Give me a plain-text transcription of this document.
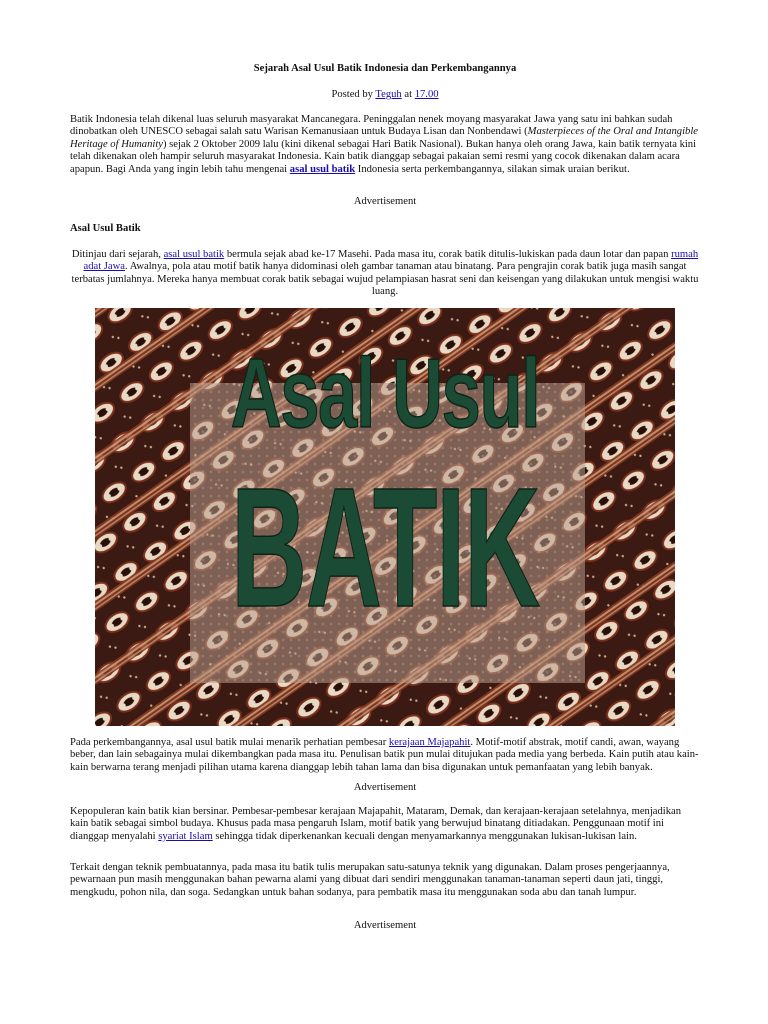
Sejarah Asal Usul Batik Indonesia dan Perkembangannya
Posted by Teguh at 17.00
Batik Indonesia telah dikenal luas seluruh masyarakat Mancanegara. Peninggalan nenek moyang masyarakat Jawa yang satu ini bahkan sudah dinobatkan oleh UNESCO sebagai salah satu Warisan Kemanusiaan untuk Budaya Lisan dan Nonbendawi (Masterpieces of the Oral and Intangible Heritage of Humanity) sejak 2 Oktober 2009 lalu (kini dikenal sebagai Hari Batik Nasional). Bukan hanya oleh orang Jawa, kain batik ternyata kini telah dikenakan oleh hampir seluruh masyarakat Indonesia. Kain batik dianggap sebagai pakaian semi resmi yang cocok dikenakan dalam acara apapun. Bagi Anda yang ingin lebih tahu mengenai asal usul batik Indonesia serta perkembangannya, silakan simak uraian berikut.
Advertisement
Asal Usul Batik
Ditinjau dari sejarah, asal usul batik bermula sejak abad ke-17 Masehi. Pada masa itu, corak batik ditulis-lukiskan pada daun lotar dan papan rumah adat Jawa. Awalnya, pola atau motif batik hanya didominasi oleh gambar tanaman atau binatang. Para pengrajin corak batik juga masih sangat terbatas jumlahnya. Mereka hanya membuat corak batik sebagai wujud pelampiasan hasrat seni dan keisengan yang dilakukan untuk mengisi waktu luang.
Asal Usul
BATIK
Pada perkembangannya, asal usul batik mulai menarik perhatian pembesar kerajaan Majapahit. Motif-motif abstrak, motif candi, awan, wayang beber, dan lain sebagainya mulai dikembangkan pada masa itu. Penulisan batik pun mulai ditujukan pada media yang berbeda. Kain putih atau kain-kain berwarna terang menjadi pilihan utama karena dianggap lebih tahan lama dan bisa digunakan untuk pemanfaatan yang lebih banyak.
Advertisement
Kepopuleran kain batik kian bersinar. Pembesar-pembesar kerajaan Majapahit, Mataram, Demak, dan kerajaan-kerajaan setelahnya, menjadikan kain batik sebagai simbol budaya. Khusus pada masa pengaruh Islam, motif batik yang berwujud binatang ditiadakan. Penggunaan motif ini dianggap menyalahi syariat Islam sehingga tidak diperkenankan kecuali dengan menyamarkannya menggunakan lukisan-lukisan lain.
Terkait dengan teknik pembuatannya, pada masa itu batik tulis merupakan satu-satunya teknik yang digunakan. Dalam proses pengerjaannya, pewarnaan pun masih menggunakan bahan pewarna alami yang dibuat dari sendiri menggunakan tanaman-tanaman seperti daun jati, tinggi, mengkudu, pohon nila, dan soga. Sedangkan untuk bahan sodanya, para pembatik masa itu menggunakan soda abu dan tanah lumpur.
Advertisement
